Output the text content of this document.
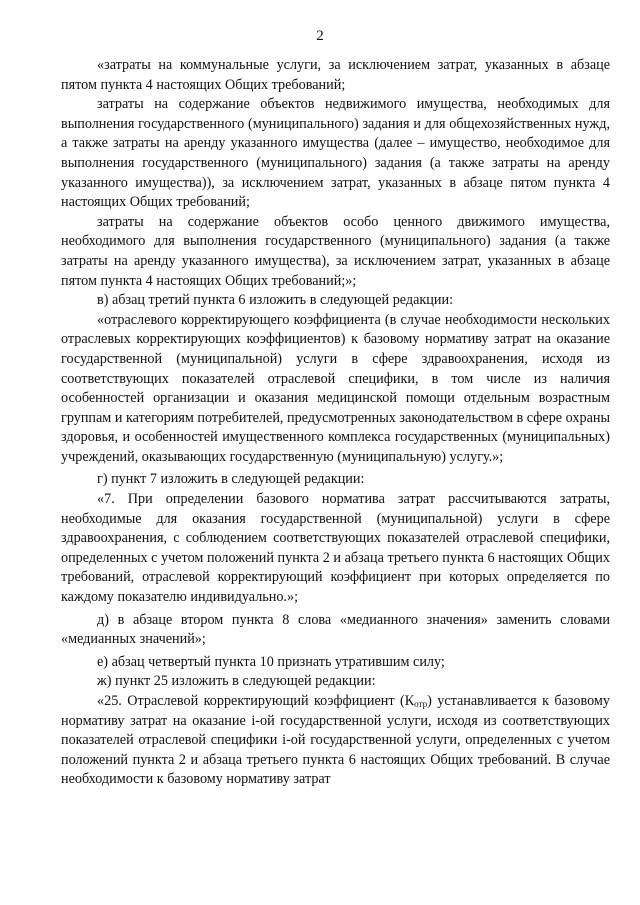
2

«затраты на коммунальные услуги, за исключением затрат, указанных в абзаце пятом пункта 4 настоящих Общих требований;

затраты на содержание объектов недвижимого имущества, необходимых для выполнения государственного (муниципального) задания и для общехозяйственных нужд, а также затраты на аренду указанного имущества (далее – имущество, необходимое для выполнения государственного (муниципального) задания (а также затраты на аренду указанного имущества)), за исключением затрат, указанных в абзаце пятом пункта 4 настоящих Общих требований;

затраты на содержание объектов особо ценного движимого имущества, необходимого для выполнения государственного (муниципального) задания (а также затраты на аренду указанного имущества), за исключением затрат, указанных в абзаце пятом пункта 4 настоящих Общих требований;»;

в) абзац третий пункта 6 изложить в следующей редакции:

«отраслевого корректирующего коэффициента (в случае необходимости нескольких отраслевых корректирующих коэффициентов) к базовому нормативу затрат на оказание государственной (муниципальной) услуги в сфере здравоохранения, исходя из соответствующих показателей отраслевой специфики, в том числе из наличия особенностей организации и оказания медицинской помощи отдельным возрастным группам и категориям потребителей, предусмотренных законодательством в сфере охраны здоровья, и особенностей имущественного комплекса государственных (муниципальных) учреждений, оказывающих государственную (муниципальную) услугу.»;

г) пункт 7 изложить в следующей редакции:

«7. При определении базового норматива затрат рассчитываются затраты, необходимые для оказания государственной (муниципальной) услуги в сфере здравоохранения, с соблюдением соответствующих показателей отраслевой специфики, определенных с учетом положений пункта 2 и абзаца третьего пункта 6 настоящих Общих требований, отраслевой корректирующий коэффициент при которых определяется по каждому показателю индивидуально.»;

д) в абзаце втором пункта 8 слова «медианного значения» заменить словами «медианных значений»;

е) абзац четвертый пункта 10 признать утратившим силу;

ж) пункт 25 изложить в следующей редакции:

«25. Отраслевой корректирующий коэффициент $(К_{отр})$ устанавливается к базовому нормативу затрат на оказание i-ой государственной услуги, исходя из соответствующих показателей отраслевой специфики i-ой государственной услуги, определенных с учетом положений пункта 2 и абзаца третьего пункта 6 настоящих Общих требований. В случае необходимости к базовому нормативу затрат
